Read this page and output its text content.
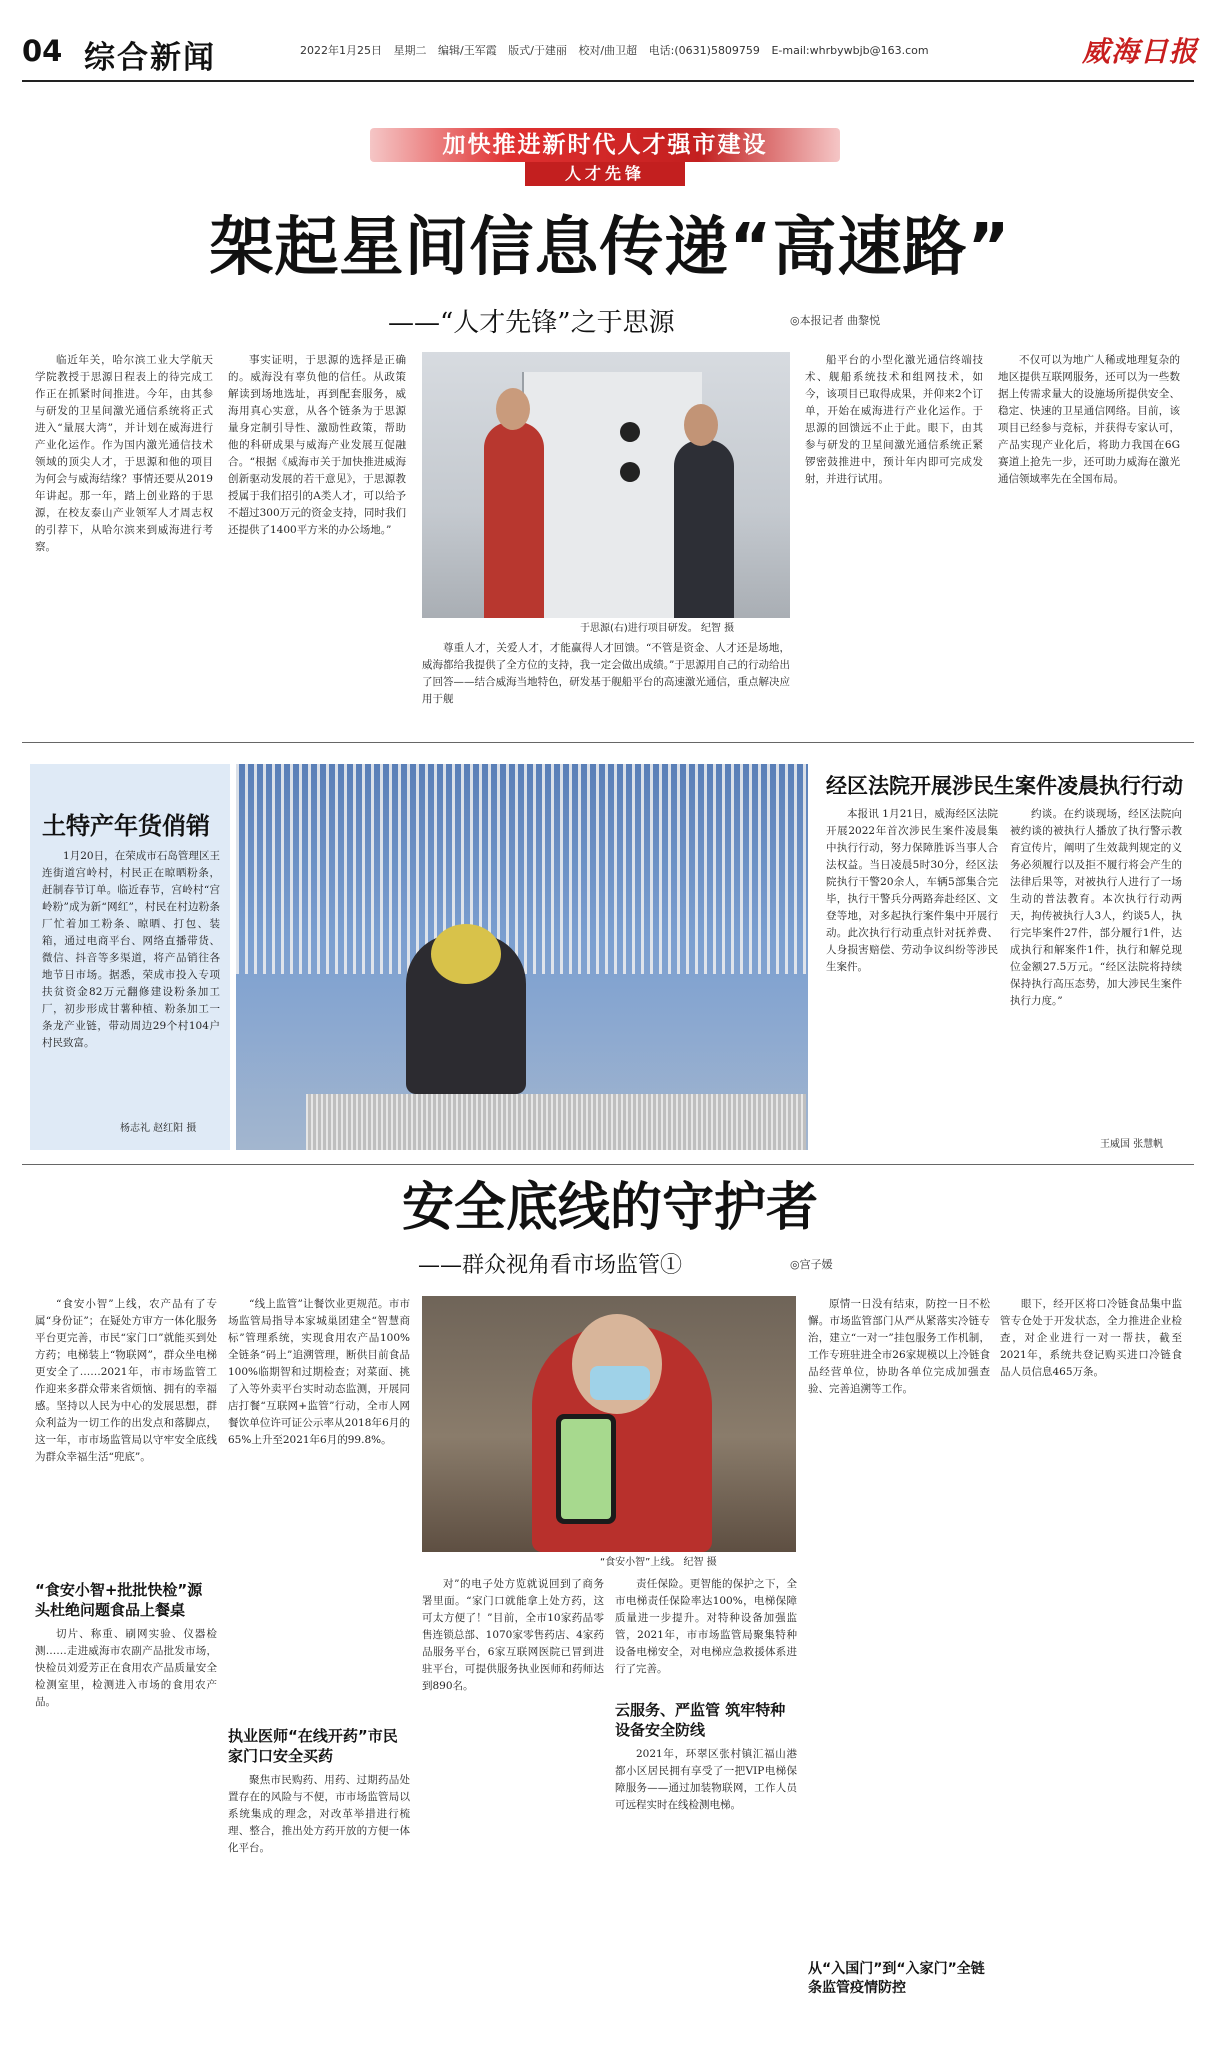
04 综合新闻	2022年1月25日 星期二 编辑/王军霞 版式/于建丽 校对/曲卫超 电话:(0631)5809759 E-mail:whrbywbjb@163.com	威海日报
加快推进新时代人才强市建设
人才先锋
架起星间信息传递“高速路”
——“人才先锋”之于思源	◎本报记者 曲黎悦

临近年关，哈尔滨工业大学航天学院教授于思源日程表上的待完成工作正在抓紧时间推进。今年，由其参与研发的卫星间激光通信系统将正式进入“量展大湾”，并计划在威海进行产业化运作。作为国内激光通信技术领域的顶尖人才，于思源和他的项目为何会与威海结缘？事情还要从2019年讲起。那一年，踏上创业路的于思源，在校友泰山产业领军人才周志权的引荐下，从哈尔滨来到威海进行考察。

事实证明，于思源的选择是正确的。威海没有辜负他的信任。从政策解读到场地选址，再到配套服务，威海用真心实意，从各个链条为于思源量身定制引导性、激励性政策，帮助他的科研成果与威海产业发展互促融合。“根据《威海市关于加快推进威海创新驱动发展的若干意见》，于思源教授属于我们招引的A类人才，可以给予不超过300万元的资金支持，同时我们还提供了1400平方米的办公场地。”

于思源(右)进行项目研发。 纪智 摄

尊重人才，关爱人才，才能赢得人才回馈。“不管是资金、人才还是场地，威海都给我提供了全方位的支持，我一定会做出成绩。”于思源用自己的行动给出了回答——结合威海当地特色，研发基于舰船平台的高速激光通信，重点解决应用于舰

船平台的小型化激光通信终端技术、舰船系统技术和组网技术，如今，该项目已取得成果，并仰来2个订单，开始在威海进行产业化运作。于思源的回馈远不止于此。眼下，由其参与研发的卫星间激光通信系统正紧锣密鼓推进中，预计年内即可完成发射，并进行试用。

不仅可以为地广人稀或地理复杂的地区提供互联网服务，还可以为一些数据上传需求量大的设施场所提供安全、稳定、快速的卫星通信网络。目前，该项目已经参与竞标，并获得专家认可，产品实现产业化后，将助力我国在6G赛道上抢先一步，还可助力威海在激光通信领域率先在全国布局。

土特产年货俏销

1月20日，在荣成市石岛管理区王连街道宫岭村，村民正在晾晒粉条，赶制春节订单。临近春节，宫岭村“宫岭粉”成为新“网红”，村民在村边粉条厂忙着加工粉条、晾晒、打包、装箱，通过电商平台、网络直播带货、微信、抖音等多渠道，将产品销往各地节日市场。据悉，荣成市投入专项扶贫资金82万元翻修建设粉条加工厂，初步形成甘薯种植、粉条加工一条龙产业链，带动周边29个村104户村民致富。

杨志礼 赵红阳 摄
经区法院开展涉民生案件凌晨执行行动

本报讯 1月21日，威海经区法院开展2022年首次涉民生案件凌晨集中执行行动，努力保障胜诉当事人合法权益。当日凌晨5时30分，经区法院执行干警20余人，车辆5部集合完毕，执行干警兵分两路奔赴经区、文登等地，对多起执行案件集中开展行动。此次执行行动重点针对抚养费、人身损害赔偿、劳动争议纠纷等涉民生案件。

约谈。在约谈现场，经区法院向被约谈的被执行人播放了执行警示教育宣传片，阐明了生效裁判规定的义务必须履行以及拒不履行将会产生的法律后果等，对被执行人进行了一场生动的普法教育。本次执行行动两天，拘传被执行人3人，约谈5人，执行完毕案件27件，部分履行1件，达成执行和解案件1件，执行和解兑现位金额27.5万元。“经区法院将持续保持执行高压态势，加大涉民生案件执行力度。”

王威国 张慧帆
安全底线的守护者
——群众视角看市场监管①	◎宫子媛

“食安小智”上线，农产品有了专属“身份证”；在疑处方审方一体化服务平台更完善，市民“家门口”就能买到处方药；电梯装上“物联网”，群众坐电梯更安全了……2021年，市市场监管工作迎来多群众带来省烦恼、拥有的幸福感。坚持以人民为中心的发展思想，群众利益为一切工作的出发点和落脚点，这一年，市市场监管局以守牢安全底线为群众幸福生活“兜底”。

“食安小智+批批快检”源头杜绝问题食品上餐桌

切片、称重、刷网实验、仪器检测……走进威海市农副产品批发市场，快检员刘爱芳正在食用农产品质量安全检测室里，检测进入市场的食用农产品。

“线上监管”让餐饮业更规范。市市场监管局指导本家城巢团建全“智慧商标”管理系统，实现食用农产品100%全链条“码上”追溯管理，断供目前食品100%临期智和过期检查；对菜面、挑了入等外卖平台实时动态监测，开展同店打餐“互联网+监管”行动，全市人网餐饮单位许可证公示率从2018年6月的65%上升至2021年6月的99.8%。

执业医师“在线开药”市民家门口安全买药

聚焦市民购药、用药、过期药品处置存在的风险与不便，市市场监管局以系统集成的理念，对改革举措进行梳理、整合，推出处方药开放的方便一体化平台。

“食安小智”上线。 纪智 摄

对”的电子处方览就说回到了商务署里面。“家门口就能拿上处方药，这可太方便了！”目前，全市10家药品零售连锁总部、1070家零售药店、4家药品服务平台，6家互联网医院已冒到进驻平台，可提供服务执业医师和药师达到890名。

责任保险。更智能的保护之下，全市电梯责任保险率达100%，电梯保障质量进一步提升。对特种设备加强监管，2021年，市市场监管局聚集特种设备电梯安全，对电梯应急救援体系进行了完善。

云服务、严监管 筑牢特种设备安全防线

2021年，环翠区张村镇汇福山港都小区居民拥有享受了一把VIP电梯保障服务——通过加装物联网，工作人员可远程实时在线检测电梯。

原情一日没有结束，防控一日不松懈。市场监管部门从严从紧落实冷链专治，建立“一对一”挂包服务工作机制，工作专班驻进全市26家规模以上冷链食品经营单位，协助各单位完成加强查验、完善追溯等工作。

从“入国门”到“入家门”全链条监管疫情防控

眼下，经开区将口冷链食品集中监管专仓处于开发状态，全力推进企业检查，对企业进行一对一帮扶，截至2021年，系统共登记购买进口冷链食品人员信息465万条。
